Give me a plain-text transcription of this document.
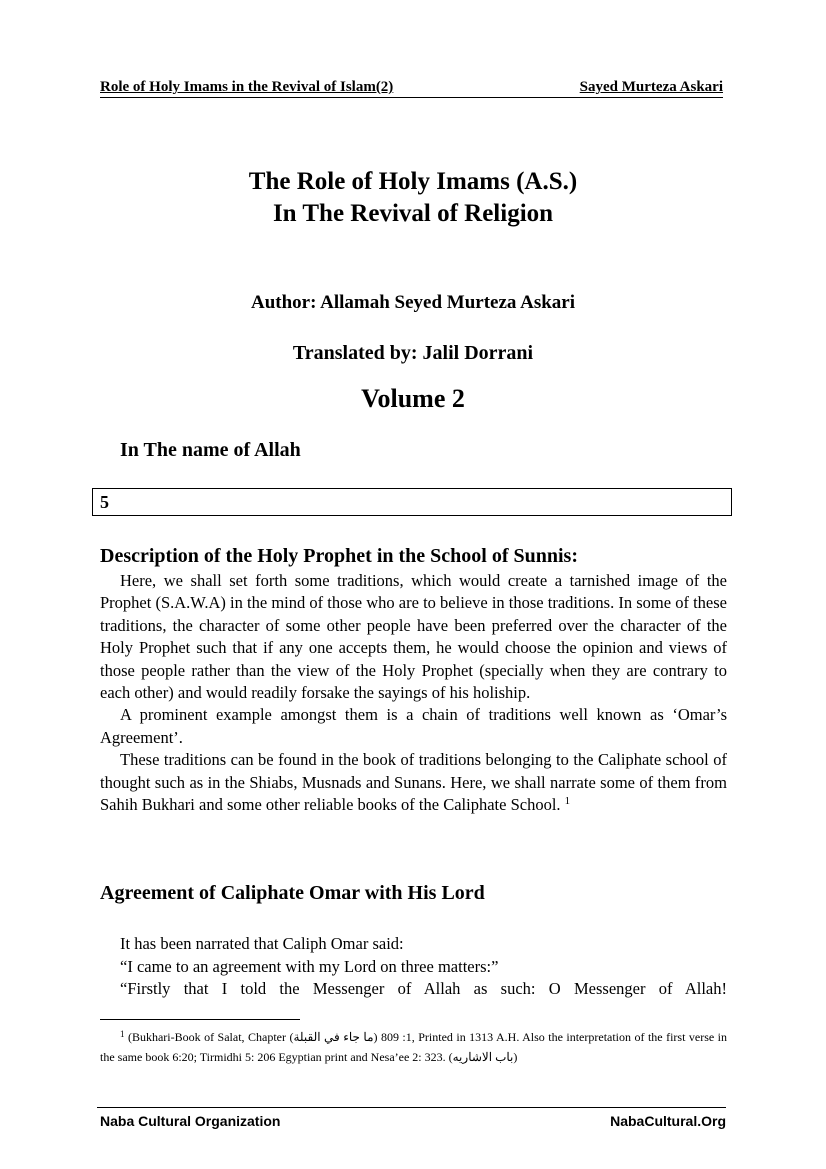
Role of Holy Imams in the Revival of Islam(2)	Sayed Murteza Askari
The Role of Holy Imams (A.S.)
In The Revival of Religion
Author: Allamah Seyed Murteza Askari
Translated by: Jalil Dorrani
Volume 2
In The name of Allah
5
Description of the Holy Prophet in the School of Sunnis:

Here, we shall set forth some traditions, which would create a tarnished image of the Prophet (S.A.W.A) in the mind of those who are to believe in those traditions. In some of these traditions, the character of some other people have been preferred over the character of the Holy Prophet such that if any one accepts them, he would choose the opinion and views of those people rather than the view of the Holy Prophet (specially when they are contrary to each other) and would readily forsake the sayings of his holiship.

A prominent example amongst them is a chain of traditions well known as ‘Omar’s Agreement’.

These traditions can be found in the book of traditions belonging to the Caliphate school of thought such as in the Shiabs, Musnads and Sunans. Here, we shall narrate some of them from Sahih Bukhari and some other reliable books of the Caliphate School. $^1$

Agreement of Caliphate Omar with His Lord

It has been narrated that Caliph Omar said:

“I came to an agreement with my Lord on three matters:”

“Firstly that I told the Messenger of Allah as such: O Messenger of Allah!

$^1$ (Bukhari-Book of Salat, Chapter (ما جاء في القبلة) 1: 809, Printed in 1313 A.H. Also the interpretation of the first verse in the same book 6:20; Tirmidhi 5: 206 Egyptian print and Nesa’ee 2: 323. (باب الاشاريه)

Naba Cultural Organization	NabaCultural.Org
